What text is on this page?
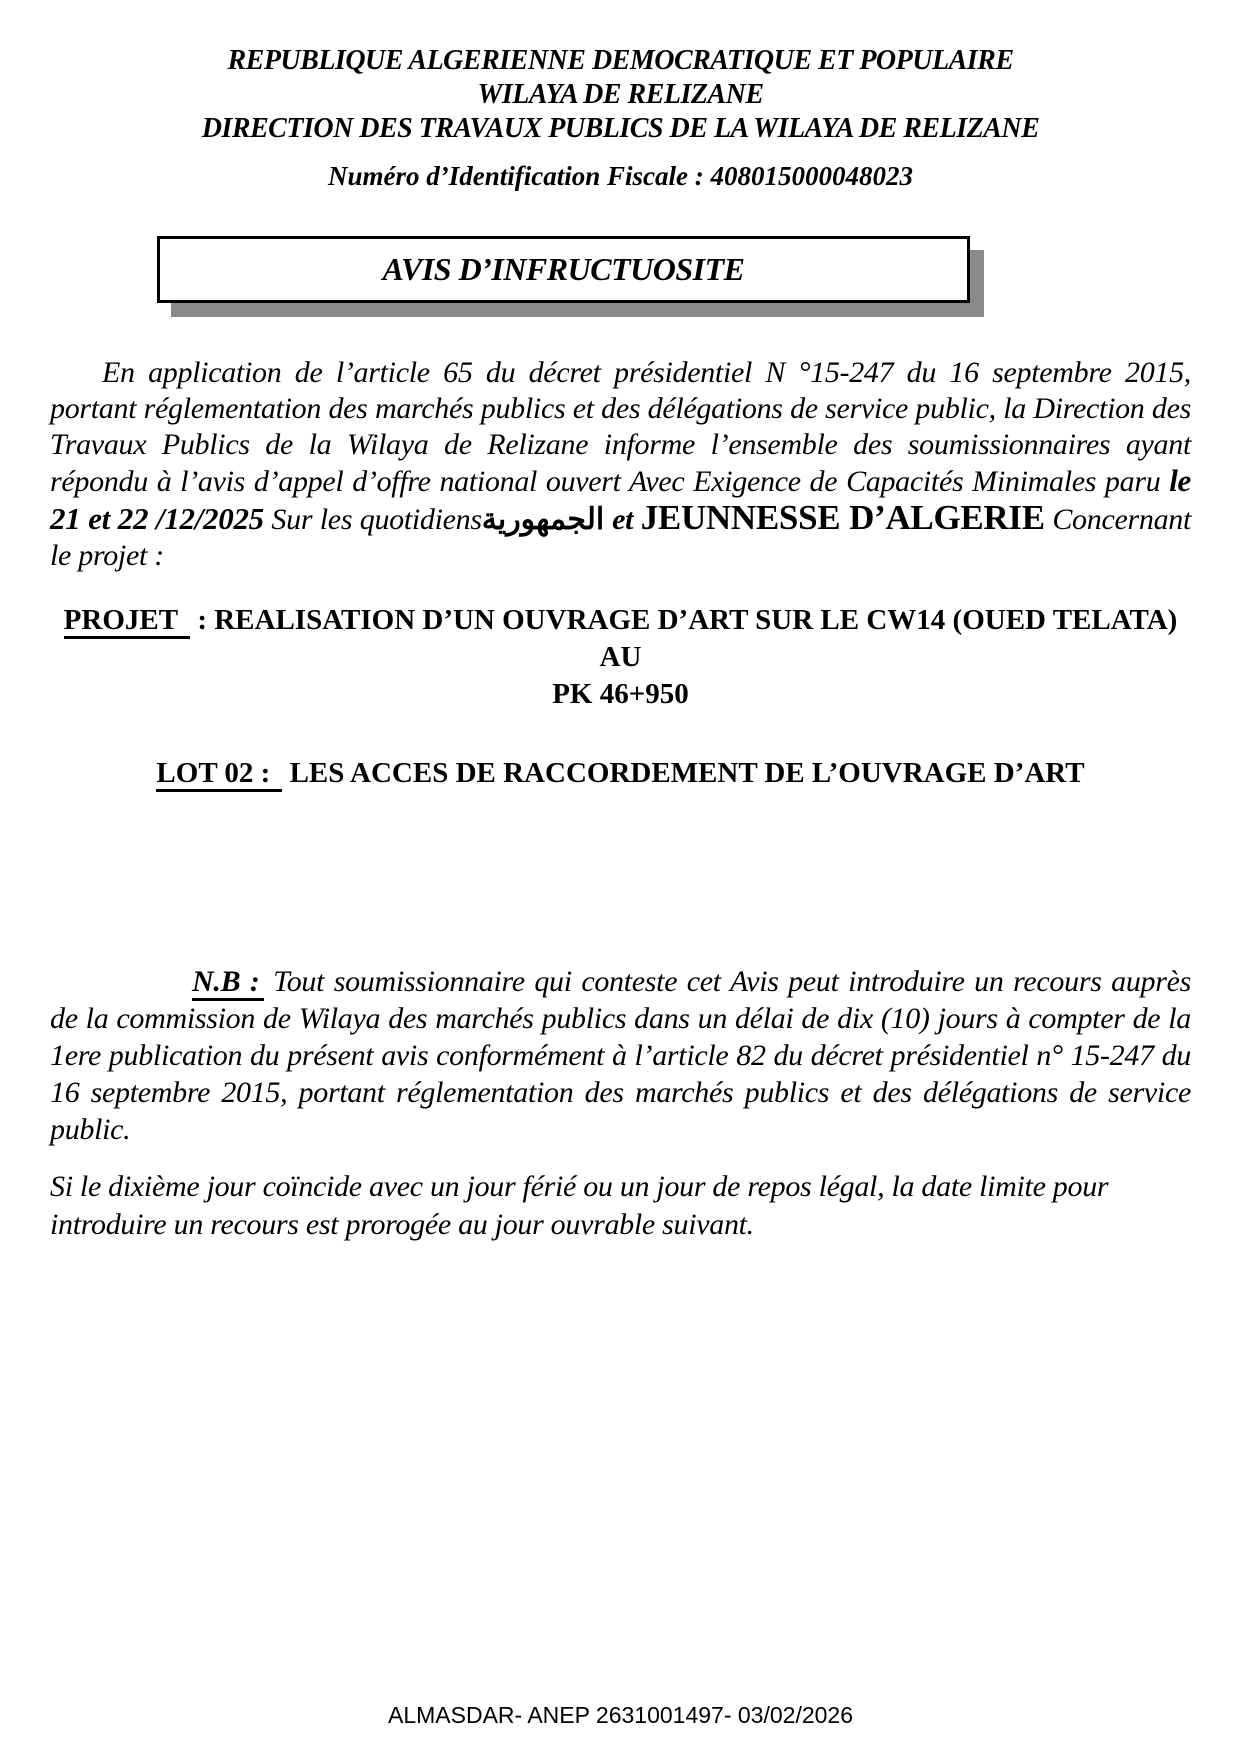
REPUBLIQUE ALGERIENNE DEMOCRATIQUE ET POPULAIRE
WILAYA DE RELIZANE
DIRECTION DES TRAVAUX PUBLICS DE LA WILAYA DE RELIZANE
Numéro d’Identification Fiscale : 408015000048023
AVIS D’INFRUCTUOSITE

En application de l’article 65 du décret présidentiel N °15-247 du 16 septembre 2015, portant réglementation des marchés publics et des délégations de service public, la Direction des Travaux Publics de la Wilaya de Relizane informe l’ensemble des soumissionnaires ayant répondu à l’avis d’appel d’offre national ouvert Avec Exigence de Capacités Minimales paru le 21 et 22 /12/2025 Sur les quotidiensالجمهورية et JEUNNESSE D’ALGERIE Concernant le projet :

PROJET : REALISATION D’UN OUVRAGE D’ART SUR LE CW14 (OUED TELATA) AU
PK 46+950
LOT 02 : LES ACCES DE RACCORDEMENT DE L’OUVRAGE D’ART

N.B : Tout soumissionnaire qui conteste cet Avis peut introduire un recours auprès de la commission de Wilaya des marchés publics dans un délai de dix (10) jours à compter de la 1ere publication du présent avis conformément à l’article 82 du décret présidentiel n° 15-247 du 16 septembre 2015, portant réglementation des marchés publics et des délégations de service public.

Si le dixième jour coïncide avec un jour férié ou un jour de repos légal, la date limite pour introduire un recours est prorogée au jour ouvrable suivant.

ALMASDAR- ANEP 2631001497- 03/02/2026
